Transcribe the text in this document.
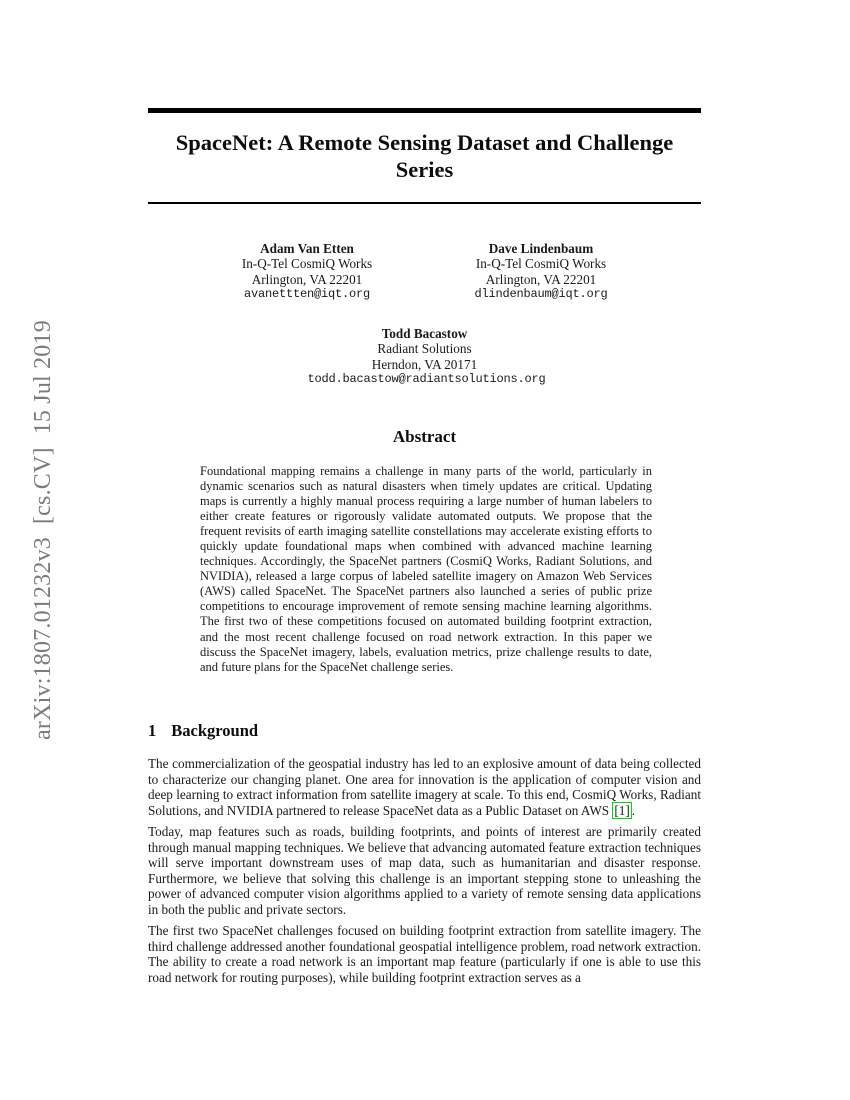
arXiv:1807.01232v3
[cs.CV]
15 Jul 2019
SpaceNet: A Remote Sensing Dataset and Challenge
Series
Adam Van Etten
In-Q-Tel CosmiQ Works
Arlington, VA 22201
avanettten@iqt.org
Dave Lindenbaum
In-Q-Tel CosmiQ Works
Arlington, VA 22201
dlindenbaum@iqt.org
Todd Bacastow
Radiant Solutions
Herndon, VA 20171
todd.bacastow@radiantsolutions.org
Abstract
Foundational mapping remains a challenge in many parts of the world, particularly in dynamic scenarios such as natural disasters when timely updates are critical. Updating maps is currently a highly manual process requiring a large number of human labelers to either create features or rigorously validate automated outputs. We propose that the frequent revisits of earth imaging satellite constellations may accelerate existing efforts to quickly update foundational maps when combined with advanced machine learning techniques. Accordingly, the SpaceNet partners (CosmiQ Works, Radiant Solutions, and NVIDIA), released a large corpus of labeled satellite imagery on Amazon Web Services (AWS) called SpaceNet. The SpaceNet partners also launched a series of public prize competitions to encourage improvement of remote sensing machine learning algorithms. The first two of these competitions focused on automated building footprint extraction, and the most recent challenge focused on road network extraction. In this paper we discuss the SpaceNet imagery, labels, evaluation metrics, prize challenge results to date, and future plans for the SpaceNet challenge series.
1 Background

The commercialization of the geospatial industry has led to an explosive amount of data being collected to characterize our changing planet. One area for innovation is the application of computer vision and deep learning to extract information from satellite imagery at scale. To this end, CosmiQ Works, Radiant Solutions, and NVIDIA partnered to release SpaceNet data as a Public Dataset on AWS [1] .

Today, map features such as roads, building footprints, and points of interest are primarily created through manual mapping techniques. We believe that advancing automated feature extraction techniques will serve important downstream uses of map data, such as humanitarian and disaster response. Furthermore, we believe that solving this challenge is an important stepping stone to unleashing the power of advanced computer vision algorithms applied to a variety of remote sensing data applications in both the public and private sectors.

The first two SpaceNet challenges focused on building footprint extraction from satellite imagery. The third challenge addressed another foundational geospatial intelligence problem, road network extraction. The ability to create a road network is an important map feature (particularly if one is able to use this road network for routing purposes), while building footprint extraction serves as a
